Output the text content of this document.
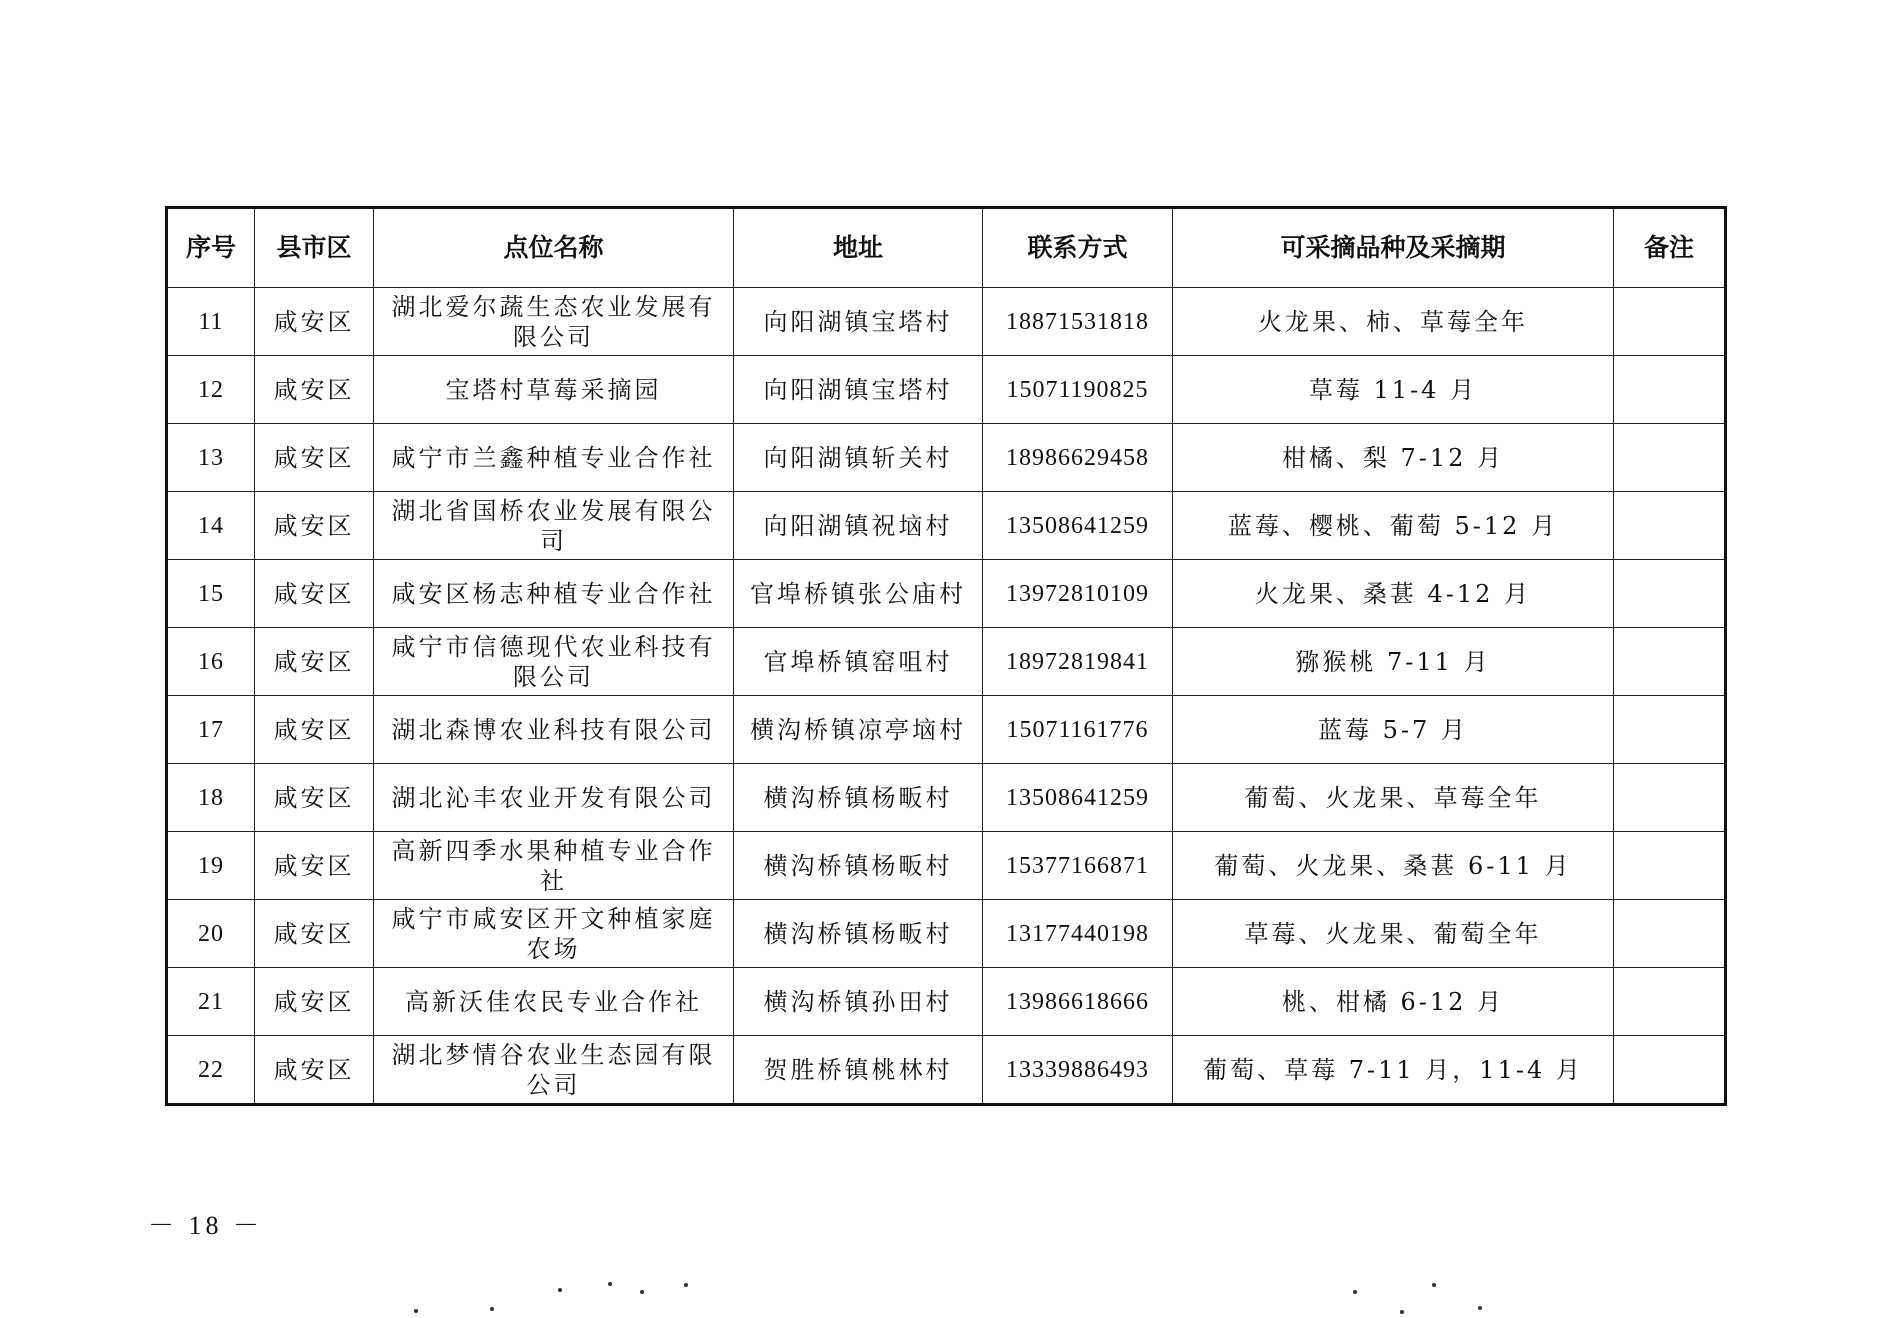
序号	县市区	点位名称	地址	联系方式	可采摘品种及采摘期	备注
11	咸安区	湖北爱尔蔬生态农业发展有限公司	向阳湖镇宝塔村	18871531818	火龙果、柿、草莓全年	
12	咸安区	宝塔村草莓采摘园	向阳湖镇宝塔村	15071190825	草莓 11-4 月	
13	咸安区	咸宁市兰鑫种植专业合作社	向阳湖镇斩关村	18986629458	柑橘、梨 7-12 月	
14	咸安区	湖北省国桥农业发展有限公司	向阳湖镇祝垴村	13508641259	蓝莓、樱桃、葡萄 5-12 月	
15	咸安区	咸安区杨志种植专业合作社	官埠桥镇张公庙村	13972810109	火龙果、桑葚 4-12 月	
16	咸安区	咸宁市信德现代农业科技有限公司	官埠桥镇窑咀村	18972819841	猕猴桃 7-11 月	
17	咸安区	湖北森博农业科技有限公司	横沟桥镇凉亭垴村	15071161776	蓝莓 5-7 月	
18	咸安区	湖北沁丰农业开发有限公司	横沟桥镇杨畈村	13508641259	葡萄、火龙果、草莓全年	
19	咸安区	高新四季水果种植专业合作社	横沟桥镇杨畈村	15377166871	葡萄、火龙果、桑葚 6-11 月	
20	咸安区	咸宁市咸安区开文种植家庭农场	横沟桥镇杨畈村	13177440198	草莓、火龙果、葡萄全年	
21	咸安区	高新沃佳农民专业合作社	横沟桥镇孙田村	13986618666	桃、柑橘 6-12 月	
22	咸安区	湖北梦情谷农业生态园有限公司	贺胜桥镇桃林村	13339886493	葡萄、草莓 7-11 月，11-4 月	
－ 18 －
